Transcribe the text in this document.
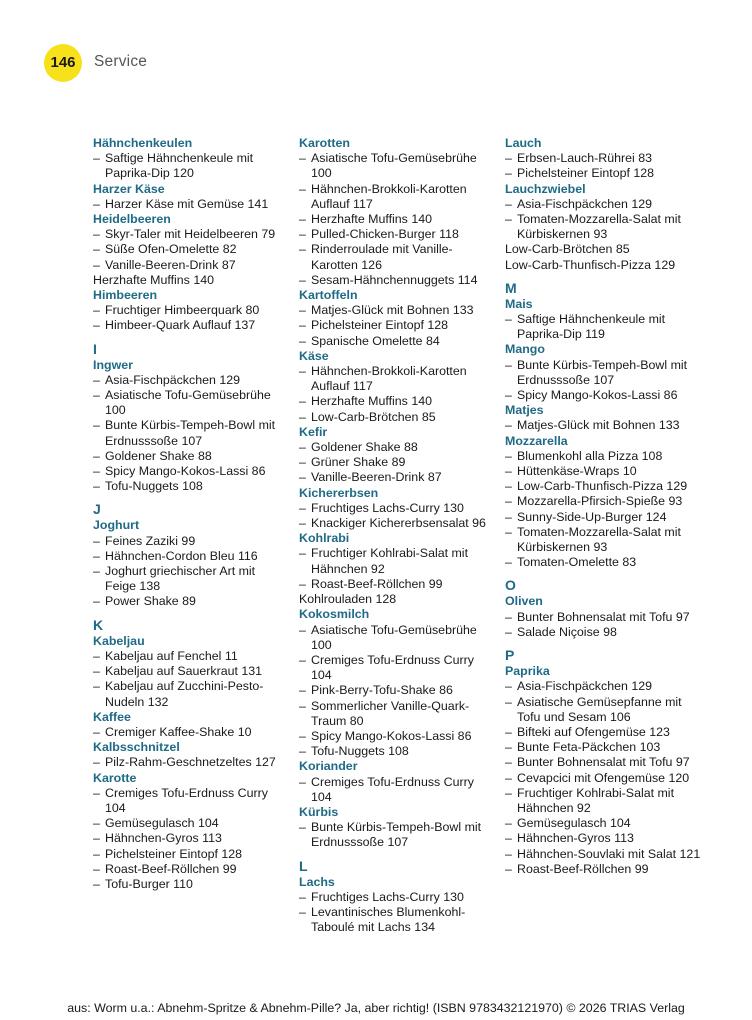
146	Service
Hähnchenkeulen
– Saftige Hähnchenkeule mit Paprika-Dip 120
Harzer Käse
– Harzer Käse mit Gemüse 141
Heidelbeeren
– Skyr-Taler mit Heidelbeeren 79
– Süße Ofen-Omelette 82
– Vanille-Beeren-Drink 87
Herzhafte Muffins 140
Himbeeren
– Fruchtiger Himbeerquark 80
– Himbeer-Quark Auflauf 137
I
Ingwer
– Asia-Fischpäckchen 129
– Asiatische Tofu-Gemüsebrühe 100
– Bunte Kürbis-Tempeh-Bowl mit Erdnusssoße 107
– Goldener Shake 88
– Spicy Mango-Kokos-Lassi 86
– Tofu-Nuggets 108
J
Joghurt
– Feines Zaziki 99
– Hähnchen-Cordon Bleu 116
– Joghurt griechischer Art mit Feige 138
– Power Shake 89
K
Kabeljau
– Kabeljau auf Fenchel 11
– Kabeljau auf Sauerkraut 131
– Kabeljau auf Zucchini-Pesto-Nudeln 132
Kaffee
– Cremiger Kaffee-Shake 10
Kalbsschnitzel
– Pilz-Rahm-Geschnetzeltes 127
Karotte
– Cremiges Tofu-Erdnuss Curry 104
– Gemüsegulasch 104
– Hähnchen-Gyros 113
– Pichelsteiner Eintopf 128
– Roast-Beef-Röllchen 99
– Tofu-Burger 110
Karotten
– Asiatische Tofu-Gemüsebrühe 100
– Hähnchen-Brokkoli-Karotten Auflauf 117
– Herzhafte Muffins 140
– Pulled-Chicken-Burger 118
– Rinderroulade mit Vanille-Karotten 126
– Sesam-Hähnchennuggets 114
Kartoffeln
– Matjes-Glück mit Bohnen 133
– Pichelsteiner Eintopf 128
– Spanische Omelette 84
Käse
– Hähnchen-Brokkoli-Karotten Auflauf 117
– Herzhafte Muffins 140
– Low-Carb-Brötchen 85
Kefir
– Goldener Shake 88
– Grüner Shake 89
– Vanille-Beeren-Drink 87
Kichererbsen
– Fruchtiges Lachs-Curry 130
– Knackiger Kichererbsensalat 96
Kohlrabi
– Fruchtiger Kohlrabi-Salat mit Hähnchen 92
– Roast-Beef-Röllchen 99
Kohlrouladen 128
Kokosmilch
– Asiatische Tofu-Gemüsebrühe 100
– Cremiges Tofu-Erdnuss Curry 104
– Pink-Berry-Tofu-Shake 86
– Sommerlicher Vanille-Quark-Traum 80
– Spicy Mango-Kokos-Lassi 86
– Tofu-Nuggets 108
Koriander
– Cremiges Tofu-Erdnuss Curry 104
Kürbis
– Bunte Kürbis-Tempeh-Bowl mit Erdnusssoße 107
L
Lachs
– Fruchtiges Lachs-Curry 130
– Levantinisches Blumenkohl-Taboulé mit Lachs 134
Lauch
– Erbsen-Lauch-Rührei 83
– Pichelsteiner Eintopf 128
Lauchzwiebel
– Asia-Fischpäckchen 129
– Tomaten-Mozzarella-Salat mit Kürbiskernen 93
Low-Carb-Brötchen 85
Low-Carb-Thunfisch-Pizza 129
M
Mais
– Saftige Hähnchenkeule mit Paprika-Dip 119
Mango
– Bunte Kürbis-Tempeh-Bowl mit Erdnusssoße 107
– Spicy Mango-Kokos-Lassi 86
Matjes
– Matjes-Glück mit Bohnen 133
Mozzarella
– Blumenkohl alla Pizza 108
– Hüttenkäse-Wraps 10
– Low-Carb-Thunfisch-Pizza 129
– Mozzarella-Pfirsich-Spieße 93
– Sunny-Side-Up-Burger 124
– Tomaten-Mozzarella-Salat mit Kürbiskernen 93
– Tomaten-Omelette 83
O
Oliven
– Bunter Bohnensalat mit Tofu 97
– Salade Niçoise 98
P
Paprika
– Asia-Fischpäckchen 129
– Asiatische Gemüsepfanne mit Tofu und Sesam 106
– Bifteki auf Ofengemüse 123
– Bunte Feta-Päckchen 103
– Bunter Bohnensalat mit Tofu 97
– Cevapcici mit Ofengemüse 120
– Fruchtiger Kohlrabi-Salat mit Hähnchen 92
– Gemüsegulasch 104
– Hähnchen-Gyros 113
– Hähnchen-Souvlaki mit Salat 121
– Roast-Beef-Röllchen 99
aus: Worm u.a.: Abnehm-Spritze & Abnehm-Pille? Ja, aber richtig! (ISBN 9783432121970) © 2026 TRIAS Verlag
